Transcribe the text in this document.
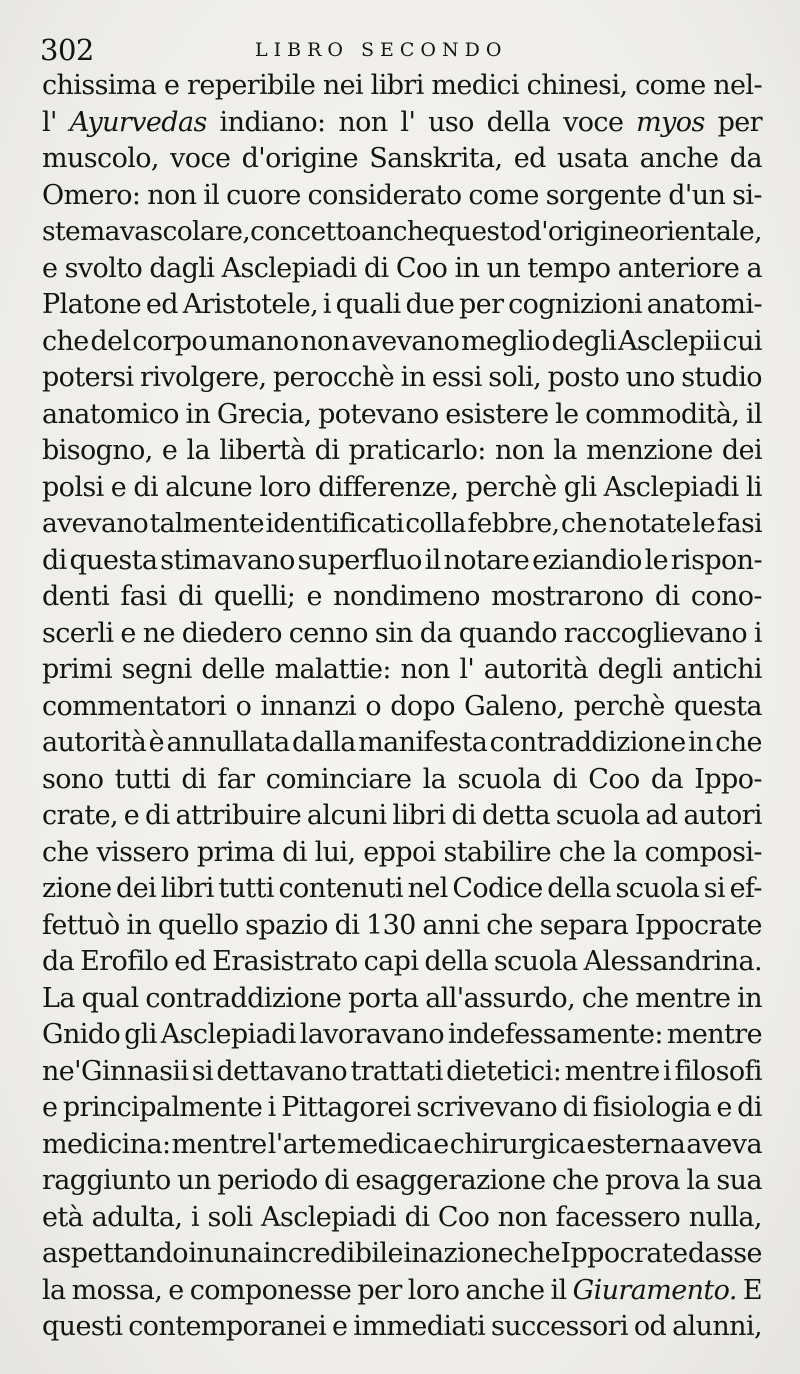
302	LIBRO SECONDO
chissima e reperibile nei libri medici chinesi, come nel-
l' Ayurvedas indiano: non l' uso della voce myos per
muscolo, voce d'origine Sanskrita, ed usata anche da
Omero: non il cuore considerato come sorgente d'un si-
stema vascolare, concetto anche questo d'origine orientale,
e svolto dagli Asclepiadi di Coo in un tempo anteriore a
Platone ed Aristotele, i quali due per cognizioni anatomi-
che del corpo umano non avevano meglio degli Asclepii cui
potersi rivolgere, perocchè in essi soli, posto uno studio
anatomico in Grecia, potevano esistere le commodità, il
bisogno, e la libertà di praticarlo: non la menzione dei
polsi e di alcune loro differenze, perchè gli Asclepiadi li
avevano talmente identificati colla febbre, che notate le fasi
di questa stimavano superfluo il notare eziandio le rispon-
denti fasi di quelli; e nondimeno mostrarono di cono-
scerli e ne diedero cenno sin da quando raccoglievano i
primi segni delle malattie: non l' autorità degli antichi
commentatori o innanzi o dopo Galeno, perchè questa
autorità è annullata dalla manifesta contraddizione in che
sono tutti di far cominciare la scuola di Coo da Ippo-
crate, e di attribuire alcuni libri di detta scuola ad autori
che vissero prima di lui, eppoi stabilire che la composi-
zione dei libri tutti contenuti nel Codice della scuola si ef-
fettuò in quello spazio di 130 anni che separa Ippocrate
da Erofilo ed Erasistrato capi della scuola Alessandrina.
La qual contraddizione porta all'assurdo, che mentre in
Gnido gli Asclepiadi lavoravano indefessamente: mentre
ne'Ginnasii si dettavano trattati dietetici: mentre i filosofi
e principalmente i Pittagorei scrivevano di fisiologia e di
medicina: mentre l'arte medica e chirurgica esterna aveva
raggiunto un periodo di esaggerazione che prova la sua
età adulta, i soli Asclepiadi di Coo non facessero nulla,
aspettando in una incredibile inazione che Ippocrate dasse
la mossa, e componesse per loro anche il Giuramento. E
questi contemporanei e immediati successori od alunni,
